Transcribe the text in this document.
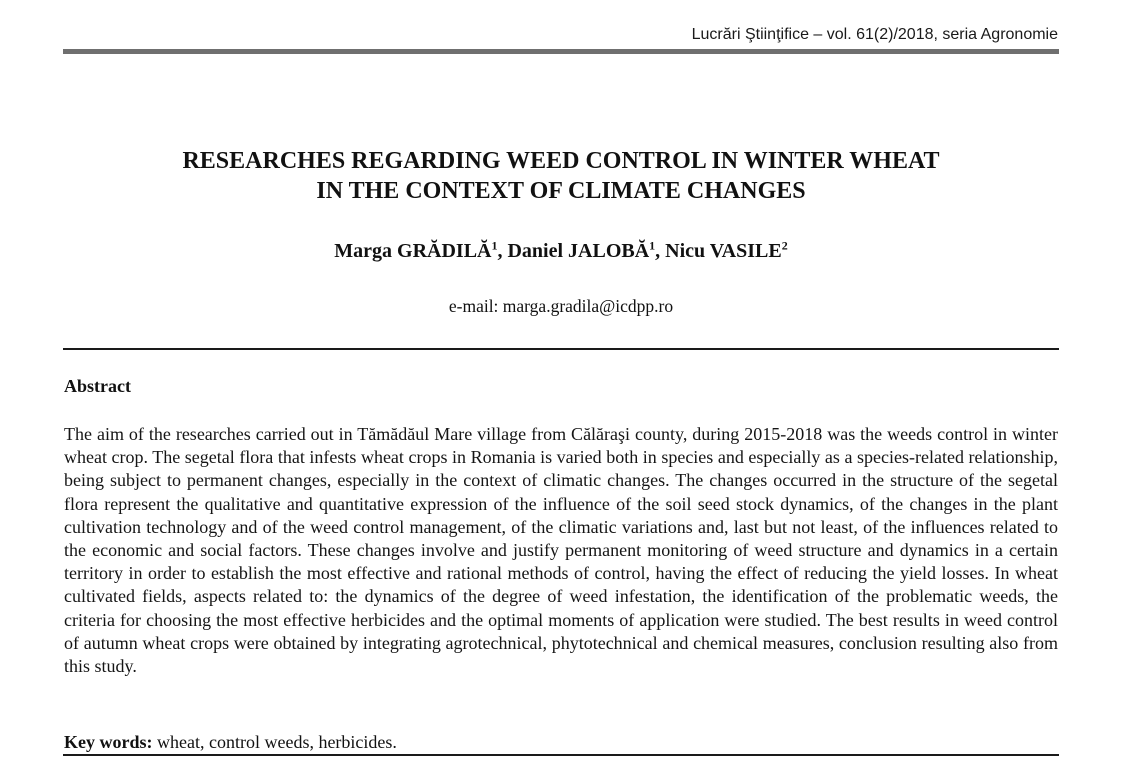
Lucrări Ştiinţifice – vol. 61(2)/2018, seria Agronomie
RESEARCHES REGARDING WEED CONTROL IN WINTER WHEAT
IN THE CONTEXT OF CLIMATE CHANGES
Marga GRĂDILĂ$^1$, Daniel JALOBĂ$^1$, Nicu VASILE$^2$
e-mail: marga.gradila@icdpp.ro
Abstract

The aim of the researches carried out in Tămădăul Mare village from Călăraşi county, during 2015-2018 was the weeds control in winter wheat crop. The segetal flora that infests wheat crops in Romania is varied both in species and especially as a species-related relationship, being subject to permanent changes, especially in the context of climatic changes. The changes occurred in the structure of the segetal flora represent the qualitative and quantitative expression of the influence of the soil seed stock dynamics, of the changes in the plant cultivation technology and of the weed control management, of the climatic variations and, last but not least, of the influences related to the economic and social factors. These changes involve and justify permanent monitoring of weed structure and dynamics in a certain territory in order to establish the most effective and rational methods of control, having the effect of reducing the yield losses. In wheat cultivated fields, aspects related to: the dynamics of the degree of weed infestation, the identification of the problematic weeds, the criteria for choosing the most effective herbicides and the optimal moments of application were studied. The best results in weed control of autumn wheat crops were obtained by integrating agrotechnical, phytotechnical and chemical measures, conclusion resulting also from this study.

Key words: wheat, control weeds, herbicides.
